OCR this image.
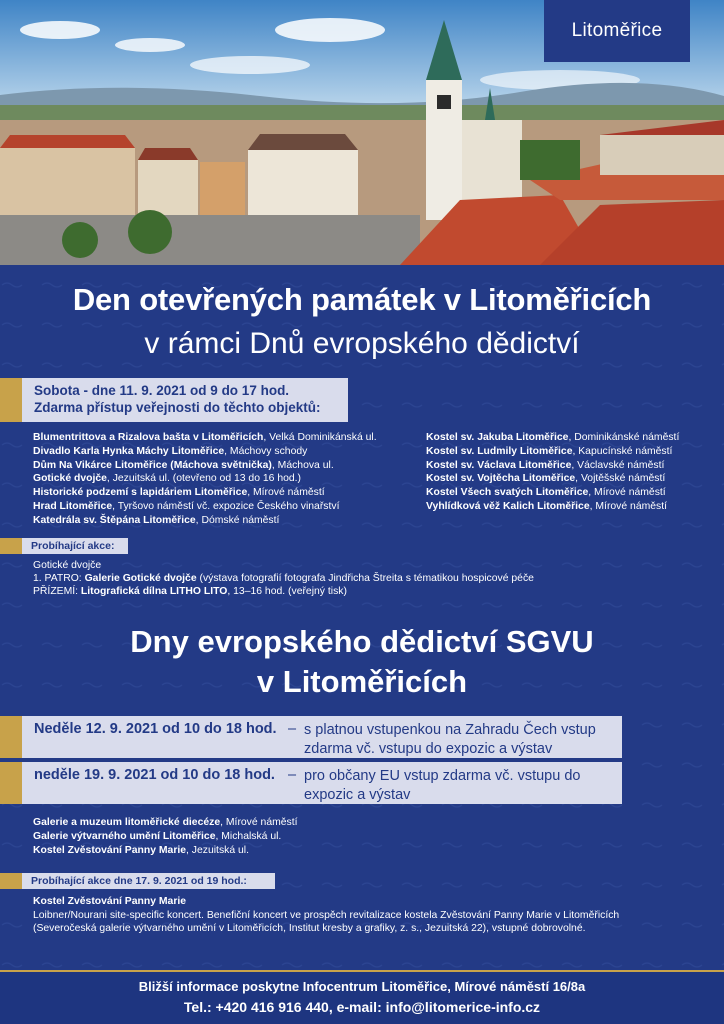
Litoměřice
Den otevřených památek v Litoměřicích
v rámci Dnů evropského dědictví
Sobota - dne 11. 9. 2021 od 9 do 17 hod.
Zdarma přístup veřejnosti do těchto objektů:
Blumentrittova a Rizalova bašta v Litoměřicích, Velká Dominikánská ul.
Divadlo Karla Hynka Máchy Litoměřice, Máchovy schody
Dům Na Vikárce Litoměřice (Máchova světnička), Máchova ul.
Gotické dvojče, Jezuitská ul. (otevřeno od 13 do 16 hod.)
Historické podzemí s lapidáriem Litoměřice, Mírové náměstí
Hrad Litoměřice, Tyršovo náměstí vč. expozice Českého vinařství
Katedrála sv. Štěpána Litoměřice, Dómské náměstí
Kostel sv. Jakuba Litoměřice, Dominikánské náměstí
Kostel sv. Ludmily Litoměřice, Kapucínské náměstí
Kostel sv. Václava Litoměřice, Václavské náměstí
Kostel sv. Vojtěcha Litoměřice, Vojtěšské náměstí
Kostel Všech svatých Litoměřice, Mírové náměstí
Vyhlídková věž Kalich Litoměřice, Mírové náměstí
Probíhající akce:
Gotické dvojče
1. PATRO: Galerie Gotické dvojče (výstava fotografií fotografa Jindřicha Štreita s tématikou hospicové péče
PŘÍZEMÍ: Litografická dílna LITHO LITO, 13–16 hod. (veřejný tisk)
Dny evropského dědictví SGVU
v Litoměřicích
Neděle 12. 9. 2021 od 10 do 18 hod. – s platnou vstupenkou na Zahradu Čech vstup zdarma vč. vstupu do expozic a výstav
neděle 19. 9. 2021 od 10 do 18 hod. – pro občany EU vstup zdarma vč. vstupu do expozic a výstav
Galerie a muzeum litoměřické diecéze, Mírové náměstí
Galerie výtvarného umění Litoměřice, Michalská ul.
Kostel Zvěstování Panny Marie, Jezuitská ul.
Probíhající akce dne 17. 9. 2021 od 19 hod.:
Kostel Zvěstování Panny Marie
Loibner/Nourani site-specific koncert. Benefiční koncert ve prospěch revitalizace kostela Zvěstování Panny Marie v Litoměřicích (Severočeská galerie výtvarného umění v Litoměřicích, Institut kresby a grafiky, z. s., Jezuitská 22), vstupné dobrovolné.
Bližší informace poskytne Infocentrum Litoměřice, Mírové náměstí 16/8a
Tel.: +420 416 916 440, e-mail: info@litomerice-info.cz
